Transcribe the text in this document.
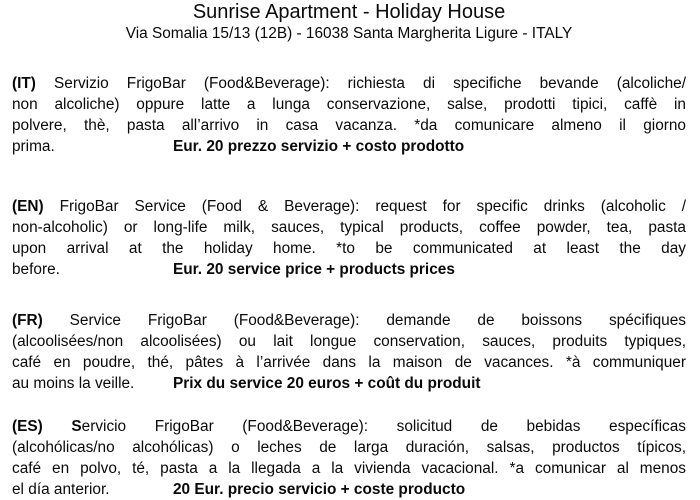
Sunrise Apartment - Holiday House
Via Somalia 15/13 (12B) - 16038 Santa Margherita Ligure - ITALY
(IT) Servizio FrigoBar (Food&Beverage): richiesta di specifiche bevande (alcoliche/
non alcoliche) oppure latte a lunga conservazione, salse, prodotti tipici, caffè in
polvere, thè, pasta all’arrivo in casa vacanza. *da comunicare almeno il giorno
prima.	Eur. 20 prezzo servizio + costo prodotto
(EN) FrigoBar Service (Food & Beverage): request for specific drinks (alcoholic /
non-alcoholic) or long-life milk, sauces, typical products, coffee powder, tea, pasta
upon arrival at the holiday home. *to be communicated at least the day
before.	Eur. 20 service price + products prices
(FR) Service FrigoBar (Food&Beverage): demande de boissons spécifiques
(alcoolisées/non alcoolisées) ou lait longue conservation, sauces, produits typiques,
café en poudre, thé, pâtes à l’arrivée dans la maison de vacances. *à communiquer
au moins la veille.	Prix du service 20 euros + coût du produit
(ES) Servicio FrigoBar (Food&Beverage): solicitud de bebidas específicas
(alcohólicas/no alcohólicas) o leches de larga duración, salsas, productos típicos,
café en polvo, té, pasta a la llegada a la vivienda vacacional. *a comunicar al menos
el día anterior.	20 Eur. precio servicio + coste producto
